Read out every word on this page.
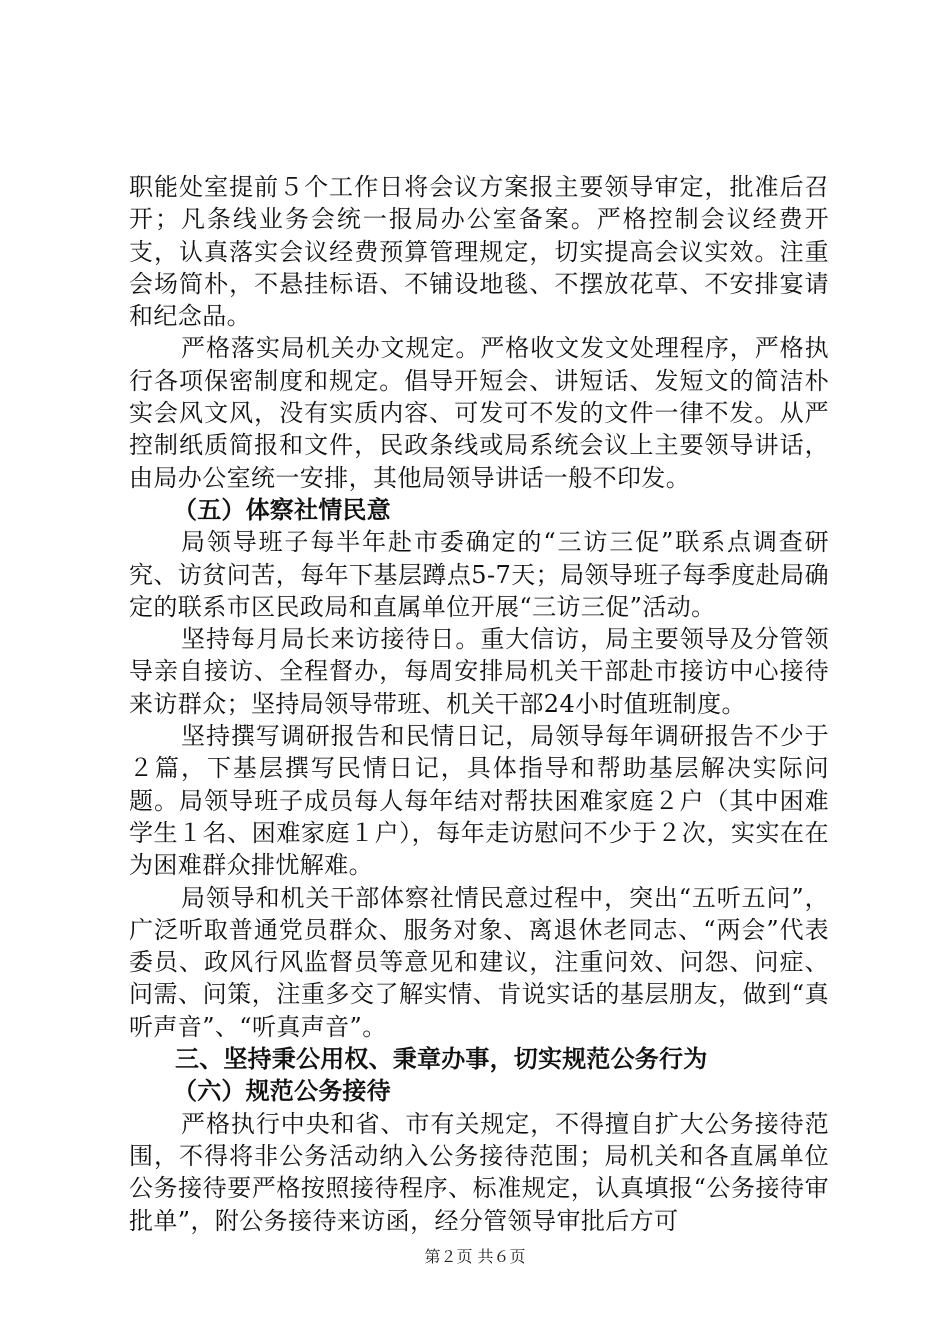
职能处室提前５个工作日将会议方案报主要领导审定，批准后召开；凡条线业务会统一报局办公室备案。严格控制会议经费开支，认真落实会议经费预算管理规定，切实提高会议实效。注重会场简朴，不悬挂标语、不铺设地毯、不摆放花草、不安排宴请和纪念品。

严格落实局机关办文规定。严格收文发文处理程序，严格执行各项保密制度和规定。倡导开短会、讲短话、发短文的简洁朴实会风文风，没有实质内容、可发可不发的文件一律不发。从严控制纸质简报和文件，民政条线或局系统会议上主要领导讲话，由局办公室统一安排，其他局领导讲话一般不印发。

（五）体察社情民意

局领导班子每半年赴市委确定的“三访三促”联系点调查研究、访贫问苦，每年下基层蹲点5-7天；局领导班子每季度赴局确定的联系市区民政局和直属单位开展“三访三促”活动。

坚持每月局长来访接待日。重大信访，局主要领导及分管领导亲自接访、全程督办，每周安排局机关干部赴市接访中心接待来访群众；坚持局领导带班、机关干部24小时值班制度。

坚持撰写调研报告和民情日记，局领导每年调研报告不少于２篇，下基层撰写民情日记，具体指导和帮助基层解决实际问题。局领导班子成员每人每年结对帮扶困难家庭２户（其中困难学生１名、困难家庭１户），每年走访慰问不少于２次，实实在在为困难群众排忧解难。

局领导和机关干部体察社情民意过程中，突出“五听五问”，广泛听取普通党员群众、服务对象、离退休老同志、“两会”代表委员、政风行风监督员等意见和建议，注重问效、问怨、问症、问需、问策，注重多交了解实情、肯说实话的基层朋友，做到“真听声音”、“听真声音”。

三、坚持秉公用权、秉章办事，切实规范公务行为

（六）规范公务接待

严格执行中央和省、市有关规定，不得擅自扩大公务接待范围，不得将非公务活动纳入公务接待范围；局机关和各直属单位公务接待要严格按照接待程序、标准规定，认真填报“公务接待审批单”，附公务接待来访函，经分管领导审批后方可

第２页 共６页
